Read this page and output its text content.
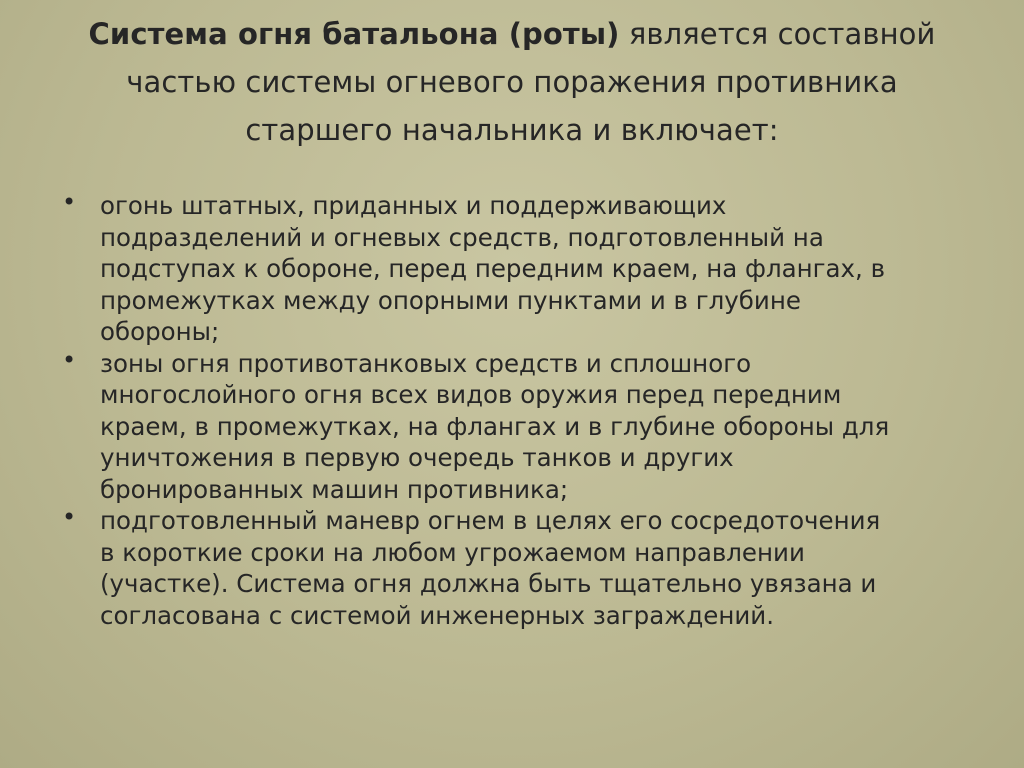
Система огня батальона (роты) является составной
частью системы огневого поражения противника
старшего начальника и включает:
• огонь штатных, приданных и поддерживающих
подразделений и огневых средств, подготовленный на
подступах к обороне, перед передним краем, на флангах, в
промежутках между опорными пунктами и в глубине
обороны;
• зоны огня противотанковых средств и сплошного
многослойного огня всех видов оружия перед передним
краем, в промежутках, на флангах и в глубине обороны для
уничтожения в первую очередь танков и других
бронированных машин противника;
• подготовленный маневр огнем в целях его сосредоточения
в короткие сроки на любом угрожаемом направлении
(участке). Система огня должна быть тщательно увязана и
согласована с системой инженерных заграждений.
